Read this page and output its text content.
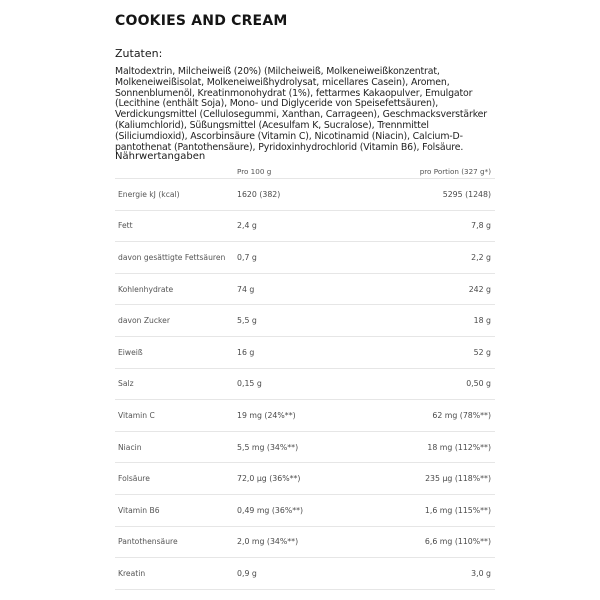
COOKIES AND CREAM
Zutaten:
Maltodextrin, Milcheiweiß (20%) (Milcheiweiß, Molkeneiweißkonzentrat, Molkeneiweißisolat, Molkeneiweißhydrolysat, micellares Casein), Aromen, Sonnenblumenöl, Kreatinmonohydrat (1%), fettarmes Kakaopulver, Emulgator (Lecithine (enthält Soja), Mono- und Diglyceride von Speisefettsäuren), Verdickungsmittel (Cellulosegummi, Xanthan, Carrageen), Geschmacksverstärker (Kaliumchlorid), Süßungsmittel (Acesulfam K, Sucralose), Trennmittel (Siliciumdioxid), Ascorbinsäure (Vitamin C), Nicotinamid (Niacin), Calcium-D-pantothenat (Pantothensäure), Pyridoxinhydrochlorid (Vitamin B6), Folsäure.
Nährwertangaben
	Pro 100 g	pro Portion (327 g*)
Energie kJ (kcal)	1620 (382)	5295 (1248)
Fett	2,4 g	7,8 g
davon gesättigte Fettsäuren	0,7 g	2,2 g
Kohlenhydrate	74 g	242 g
davon Zucker	5,5 g	18 g
Eiweiß	16 g	52 g
Salz	0,15 g	0,50 g
Vitamin C	19 mg (24%**)	62 mg (78%**)
Niacin	5,5 mg (34%**)	18 mg (112%**)
Folsäure	72,0 µg (36%**)	235 µg (118%**)
Vitamin B6	0,49 mg (36%**)	1,6 mg (115%**)
Pantothensäure	2,0 mg (34%**)	6,6 mg (110%**)
Kreatin	0,9 g	3,0 g
